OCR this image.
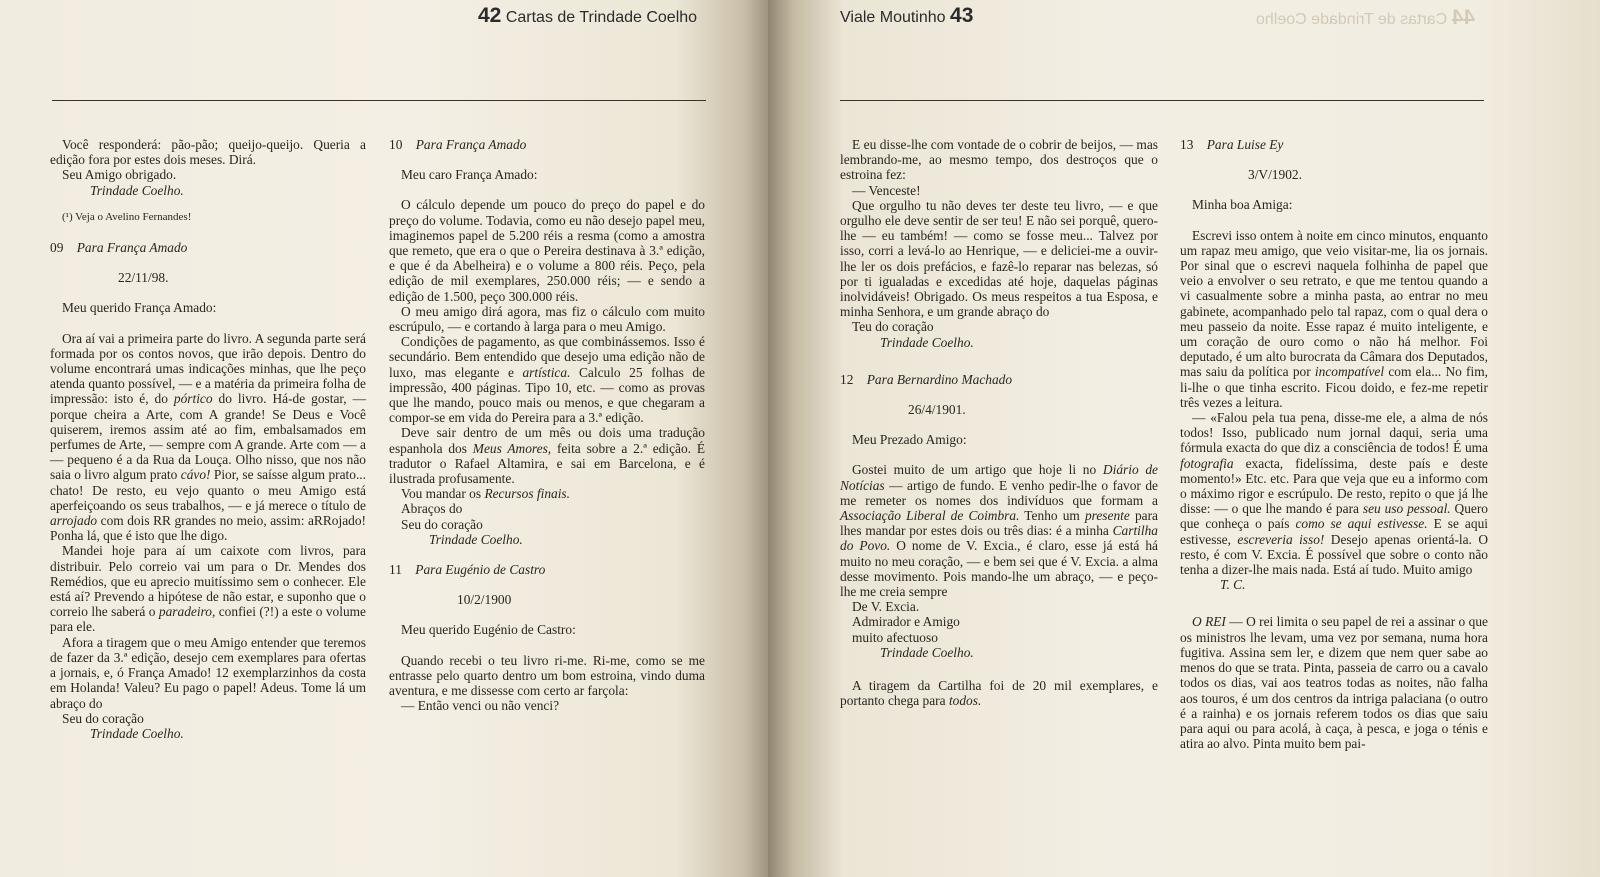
42 Cartas de Trindade Coelho

Você responderá: pão-pão; queijo-queijo. Queria a edição fora por estes dois meses. Dirá.

Seu Amigo obrigado.

Trindade Coelho.

(¹) Veja o Avelino Fernandes!

09 Para França Amado

22/11/98.

Meu querido França Amado:

Ora aí vai a primeira parte do livro. A segunda parte será formada por os contos novos, que irão depois. Dentro do volume encontrará umas indicações minhas, que lhe peço atenda quanto possível, — e a matéria da primeira folha de impressão: isto é, do pórtico do livro. Há-de gostar, — porque cheira a Arte, com A grande! Se Deus e Você quiserem, iremos assim até ao fim, embalsamados em perfumes de Arte, — sempre com A grande. Arte com — a — pequeno é a da Rua da Louça. Olho nisso, que nos não saia o livro algum prato cávo! Pior, se saísse algum prato... chato! De resto, eu vejo quanto o meu Amigo está aperfeiçoando os seus trabalhos, — e já merece o título de arrojado com dois RR grandes no meio, assim: aRRojado! Ponha lá, que é isto que lhe digo.

Mandei hoje para aí um caixote com livros, para distribuir. Pelo correio vai um para o Dr. Mendes dos Remédios, que eu aprecio muitíssimo sem o conhecer. Ele está aí? Prevendo a hipótese de não estar, e suponho que o correio lhe saberá o paradeiro, confiei (?!) a este o volume para ele.

Afora a tiragem que o meu Amigo entender que teremos de fazer da 3.ª edição, desejo cem exemplares para ofertas a jornais, e, ó França Amado! 12 exemplarzinhos da costa em Holanda! Valeu? Eu pago o papel! Adeus. Tome lá um abraço do

Seu do coração

Trindade Coelho.

10 Para França Amado

Meu caro França Amado:

O cálculo depende um pouco do preço do papel e do preço do volume. Todavia, como eu não desejo papel meu, imaginemos papel de 5.200 réis a resma (como a amostra que remeto, que era o que o Pereira destinava à 3.ª edição, e que é da Abelheira) e o volume a 800 réis. Peço, pela edição de mil exemplares, 250.000 réis; — e sendo a edição de 1.500, peço 300.000 réis.

O meu amigo dirá agora, mas fiz o cálculo com muito escrúpulo, — e cortando à larga para o meu Amigo.

Condições de pagamento, as que combinássemos. Isso é secundário. Bem entendido que desejo uma edição não de luxo, mas elegante e artística. Calculo 25 folhas de impressão, 400 páginas. Tipo 10, etc. — como as provas que lhe mando, pouco mais ou menos, e que chegaram a compor-se em vida do Pereira para a 3.ª edição.

Deve sair dentro de um mês ou dois uma tradução espanhola dos Meus Amores, feita sobre a 2.ª edição. É tradutor o Rafael Altamira, e sai em Barcelona, e é ilustrada profusamente.

Vou mandar os Recursos finais.

Abraços do

Seu do coração

Trindade Coelho.

11 Para Eugénio de Castro

10/2/1900

Meu querido Eugénio de Castro:

Quando recebi o teu livro ri-me. Ri-me, como se me entrasse pelo quarto dentro um bom estroina, vindo duma aventura, e me dissesse com certo ar farçola:

— Então venci ou não venci?

Viale Moutinho 43	44 Cartas de Trindade Coelho

E eu disse-lhe com vontade de o cobrir de beijos, — mas lembrando-me, ao mesmo tempo, dos destroços que o estroina fez:

— Venceste!

Que orgulho tu não deves ter deste teu livro, — e que orgulho ele deve sentir de ser teu! E não sei porquê, quero-lhe — eu também! — como se fosse meu... Talvez por isso, corri a levá-lo ao Henrique, — e deliciei-me a ouvir-lhe ler os dois prefácios, e fazê-lo reparar nas belezas, só por ti igualadas e excedidas até hoje, daquelas páginas inolvidáveis! Obrigado. Os meus respeitos a tua Esposa, e minha Senhora, e um grande abraço do

Teu do coração

Trindade Coelho.

12 Para Bernardino Machado

26/4/1901.

Meu Prezado Amigo:

Gostei muito de um artigo que hoje li no Diário de Notícias — artigo de fundo. E venho pedir-lhe o favor de me remeter os nomes dos indivíduos que formam a Associação Liberal de Coimbra. Tenho um presente para lhes mandar por estes dois ou três dias: é a minha Cartilha do Povo. O nome de V. Excia., é claro, esse já está há muito no meu coração, — e bem sei que é V. Excia. a alma desse movimento. Pois mando-lhe um abraço, — e peço-lhe me creia sempre

De V. Excia.

Admirador e Amigo

muito afectuoso

Trindade Coelho.

A tiragem da Cartilha foi de 20 mil exemplares, e portanto chega para todos.

13 Para Luise Ey

3/V/1902.

Minha boa Amiga:

Escrevi isso ontem à noite em cinco minutos, enquanto um rapaz meu amigo, que veio visitar-me, lia os jornais. Por sinal que o escrevi naquela folhinha de papel que veio a envolver o seu retrato, e que me tentou quando a vi casualmente sobre a minha pasta, ao entrar no meu gabinete, acompanhado pelo tal rapaz, com o qual dera o meu passeio da noite. Esse rapaz é muito inteligente, e um coração de ouro como o não há melhor. Foi deputado, é um alto burocrata da Câmara dos Deputados, mas saiu da política por incompatível com ela... No fim, li-lhe o que tinha escrito. Ficou doido, e fez-me repetir três vezes a leitura.

— «Falou pela tua pena, disse-me ele, a alma de nós todos! Isso, publicado num jornal daqui, seria uma fórmula exacta do que diz a consciência de todos! É uma fotografia exacta, fidelíssima, deste país e deste momento!» Etc. etc. Para que veja que eu a informo com o máximo rigor e escrúpulo. De resto, repito o que já lhe disse: — o que lhe mando é para seu uso pessoal. Quero que conheça o país como se aqui estivesse. E se aqui estivesse, escreveria isso! Desejo apenas orientá-la. O resto, é com V. Excia. É possível que sobre o conto não tenha a dizer-lhe mais nada. Está aí tudo. Muito amigo

T. C.

O REI — O rei limita o seu papel de rei a assinar o que os ministros lhe levam, uma vez por semana, numa hora fugitiva. Assina sem ler, e dizem que nem quer sabe ao menos do que se trata. Pinta, passeia de carro ou a cavalo todos os dias, vai aos teatros todas as noites, não falha aos touros, é um dos centros da intriga palaciana (o outro é a rainha) e os jornais referem todos os dias que saiu para aqui ou para acolá, à caça, à pesca, e joga o ténis e atira ao alvo. Pinta muito bem pai-
